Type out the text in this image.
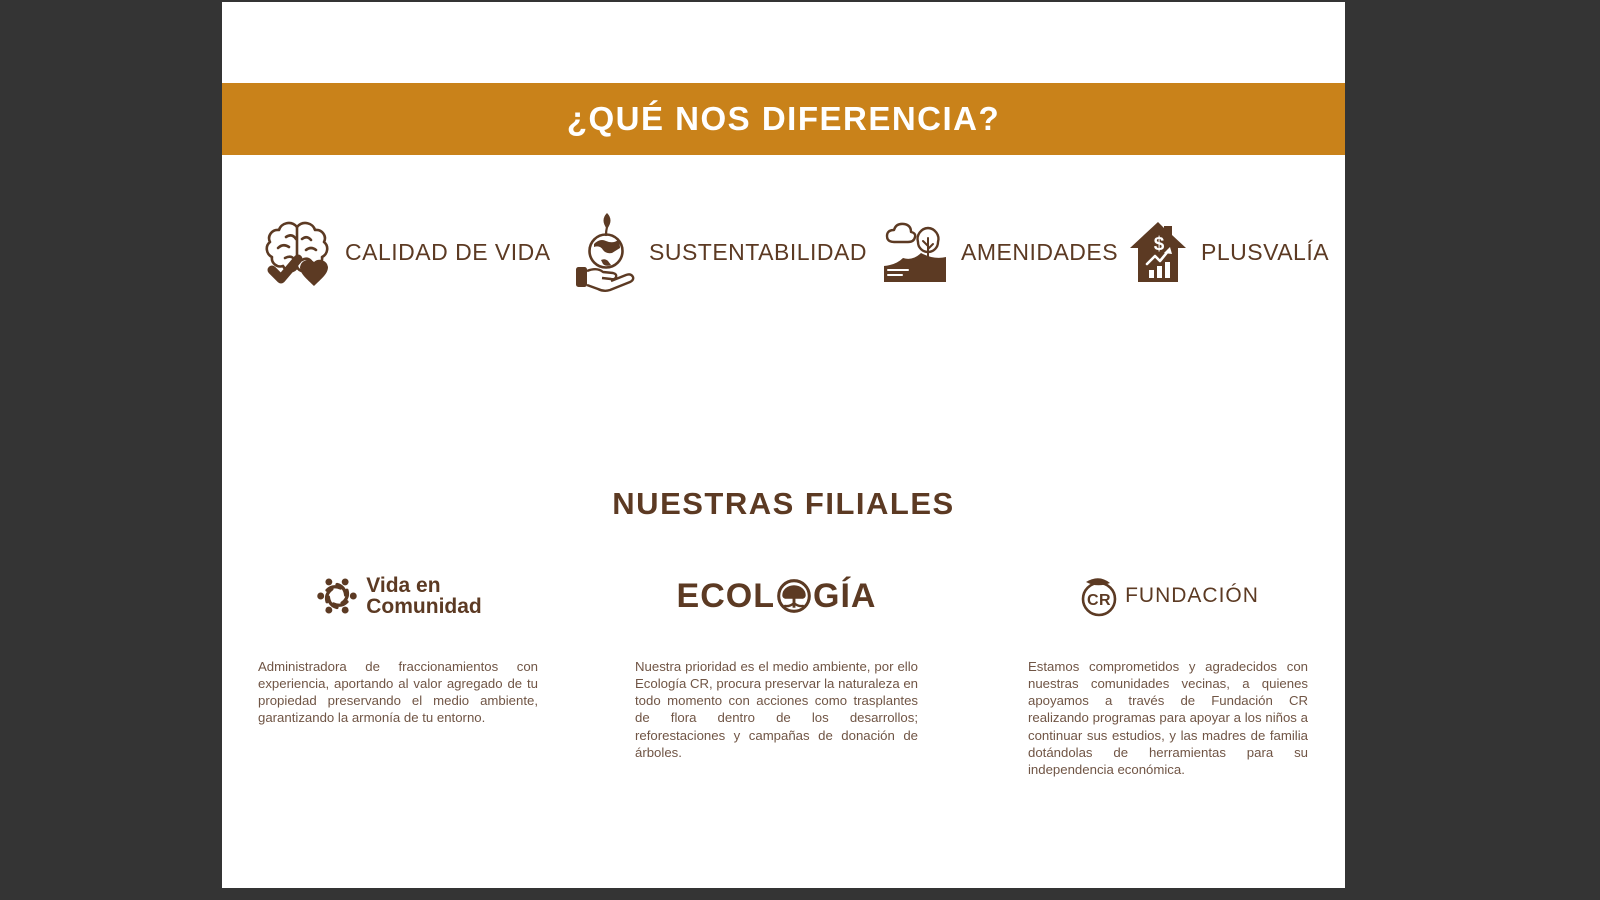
¿QUÉ NOS DIFERENCIA?
CALIDAD DE VIDA	SUSTENTABILIDAD	AMENIDADES $ PLUSVALÍA
NUESTRAS FILIALES
Vida en
Comunidad

Administradora de fraccionamientos con experiencia, aportando al valor agregado de tu propiedad preservando el medio ambiente, garantizando la armonía de tu entorno.

ECOL GÍA

Nuestra prioridad es el medio ambiente, por ello Ecología CR, procura preservar la naturaleza en todo momento con acciones como trasplantes de flora dentro de los desarrollos; reforestaciones y campañas de donación de árboles.

CR FUNDACIÓN

Estamos comprometidos y agradecidos con nuestras comunidades vecinas, a quienes apoyamos a través de Fundación CR realizando programas para apoyar a los niños a continuar sus estudios, y las madres de familia dotándolas de herramientas para su independencia económica.
